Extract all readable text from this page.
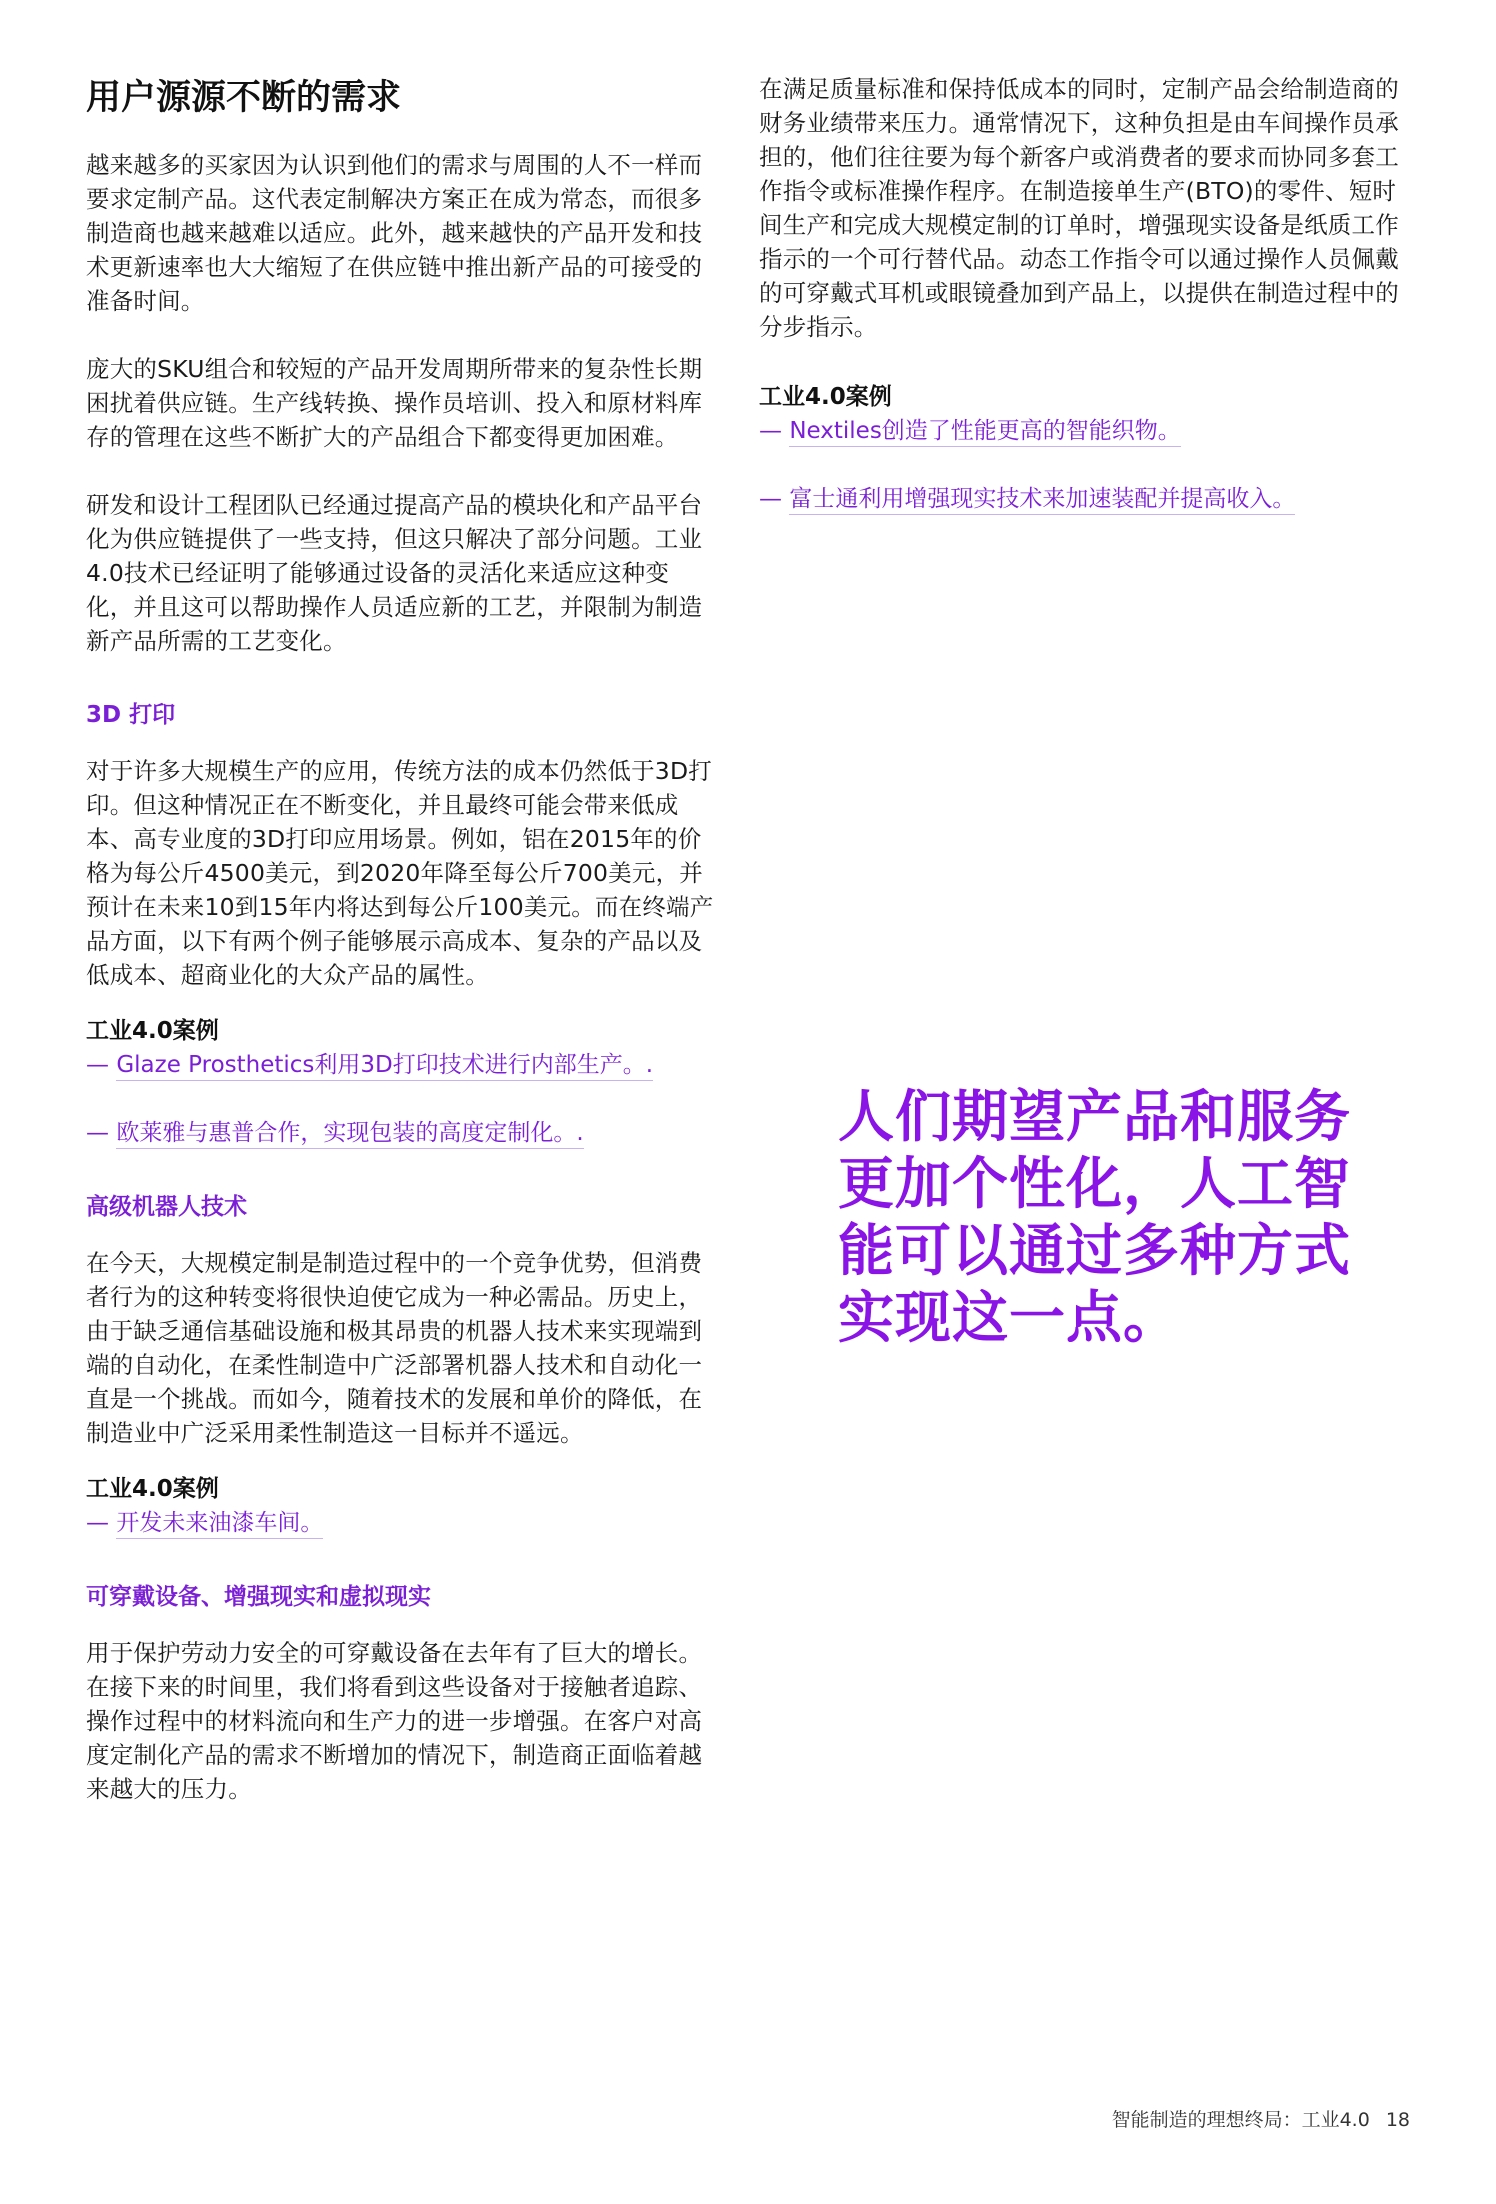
用户源源不断的需求

越来越多的买家因为认识到他们的需求与周围的人不一样而要求定制产品。这代表定制解决方案正在成为常态，而很多制造商也越来越难以适应。此外，越来越快的产品开发和技术更新速率也大大缩短了在供应链中推出新产品的可接受的准备时间。

庞大的SKU组合和较短的产品开发周期所带来的复杂性长期困扰着供应链。生产线转换、操作员培训、投入和原材料库存的管理在这些不断扩大的产品组合下都变得更加困难。

研发和设计工程团队已经通过提高产品的模块化和产品平台化为供应链提供了一些支持，但这只解决了部分问题。工业4.0技术已经证明了能够通过设备的灵活化来适应这种变化，并且这可以帮助操作人员适应新的工艺，并限制为制造新产品所需的工艺变化。

3D 打印

对于许多大规模生产的应用，传统方法的成本仍然低于3D打印。但这种情况正在不断变化，并且最终可能会带来低成本、高专业度的3D打印应用场景。例如，铝在2015年的价格为每公斤4500美元，到2020年降至每公斤700美元，并预计在未来10到15年内将达到每公斤100美元。而在终端产品方面，以下有两个例子能够展示高成本、复杂的产品以及低成本、超商业化的大众产品的属性。

工业4.0案例
— Glaze Prosthetics利用3D打印技术进行内部生产。.
— 欧莱雅与惠普合作，实现包装的高度定制化。.
高级机器人技术

在今天，大规模定制是制造过程中的一个竞争优势，但消费者行为的这种转变将很快迫使它成为一种必需品。历史上，由于缺乏通信基础设施和极其昂贵的机器人技术来实现端到端的自动化，在柔性制造中广泛部署机器人技术和自动化一直是一个挑战。而如今，随着技术的发展和单价的降低，在制造业中广泛采用柔性制造这一目标并不遥远。

工业4.0案例
— 开发未来油漆车间。
可穿戴设备、增强现实和虚拟现实

用于保护劳动力安全的可穿戴设备在去年有了巨大的增长。在接下来的时间里，我们将看到这些设备对于接触者追踪、操作过程中的材料流向和生产力的进一步增强。在客户对高度定制化产品的需求不断增加的情况下，制造商正面临着越来越大的压力。

在满足质量标准和保持低成本的同时，定制产品会给制造商的财务业绩带来压力。通常情况下，这种负担是由车间操作员承担的，他们往往要为每个新客户或消费者的要求而协同多套工作指令或标准操作程序。在制造接单生产(BTO)的零件、短时间生产和完成大规模定制的订单时，增强现实设备是纸质工作指示的一个可行替代品。动态工作指令可以通过操作人员佩戴的可穿戴式耳机或眼镜叠加到产品上，以提供在制造过程中的分步指示。

工业4.0案例
— Nextiles创造了性能更高的智能织物。
— 富士通利用增强现实技术来加速装配并提高收入。
人们期望产品和服务更加个性化，人工智能可以通过多种方式实现这一点。
智能制造的理想终局：工业4.0 18
